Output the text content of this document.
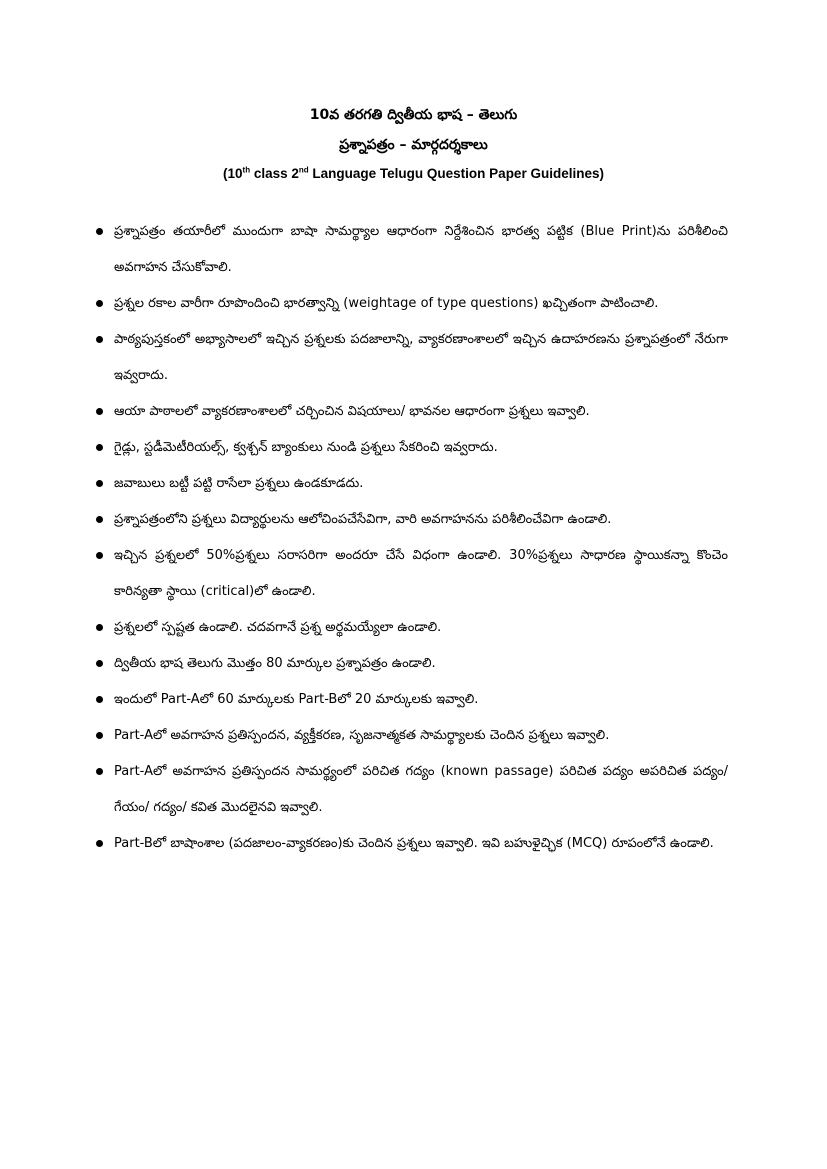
10వ తరగతి ద్వితీయ భాష – తెలుగు
ప్రశ్నాపత్రం – మార్గదర్శకాలు
(10th class 2nd Language Telugu Question Paper Guidelines)
ప్రశ్నాపత్రం తయారీలో ముందుగా బాషా సామర్థ్యాల ఆధారంగా నిర్దేశించిన భారత్వ పట్టిక (Blue Print)ను పరిశీలించి అవగాహన చేసుకోవాలి.
ప్రశ్నల రకాల వారీగా రూపొందించి భారత్వాన్ని (weightage of type questions) ఖచ్చితంగా పాటించాలి.
పాఠ్యపుస్తకంలో అభ్యాసాలలో ఇచ్చిన ప్రశ్నలకు పదజాలాన్ని, వ్యాకరణాంశాలలో ఇచ్చిన ఉదాహరణను ప్రశ్నాపత్రంలో నేరుగా ఇవ్వరాదు.
ఆయా పాఠాలలో వ్యాకరణాంశాలలో చర్చించిన విషయాలు/ భావనల ఆధారంగా ప్రశ్నలు ఇవ్వాలి.
గైడ్లు, స్టడీమెటీరియల్స్, క్వశ్చన్ బ్యాంకులు నుండి ప్రశ్నలు సేకరించి ఇవ్వరాదు.
జవాబులు బట్టీ పట్టి రాసేలా ప్రశ్నలు ఉండకూడదు.
ప్రశ్నాపత్రంలోని ప్రశ్నలు విద్యార్థులను ఆలోచింపచేసేవిగా, వారి అవగాహనను పరిశీలించేవిగా ఉండాలి.
ఇచ్చిన ప్రశ్నలలో 50%ప్రశ్నలు సరాసరిగా అందరూ చేసే విధంగా ఉండాలి. 30%ప్రశ్నలు సాధారణ స్థాయికన్నా కొంచెం కారిన్యతా స్థాయి (critical)లో ఉండాలి.
ప్రశ్నలలో స్పష్టత ఉండాలి. చదవగానే ప్రశ్న అర్థమయ్యేలా ఉండాలి.
ద్వితీయ భాష తెలుగు మొత్తం 80 మార్కుల ప్రశ్నాపత్రం ఉండాలి.
ఇందులో Part-Aలో 60 మార్కులకు Part-Bలో 20 మార్కులకు ఇవ్వాలి.
Part-Aలో అవగాహన ప్రతిస్పందన, వ్యక్తీకరణ, సృజనాత్మకత సామర్థ్యాలకు చెందిన ప్రశ్నలు ఇవ్వాలి.
Part-Aలో అవగాహన ప్రతిస్పందన సామర్థ్యంలో పరిచిత గద్యం (known passage) పరిచిత పద్యం అపరిచిత పద్యం/ గేయం/ గద్యం/ కవిత మొదలైనవి ఇవ్వాలి.
Part-Bలో బాషాంశాల (పదజాలం-వ్యాకరణం)కు చెందిన ప్రశ్నలు ఇవ్వాలి. ఇవి బహుళైచ్ఛిక (MCQ) రూపంలోనే ఉండాలి.
